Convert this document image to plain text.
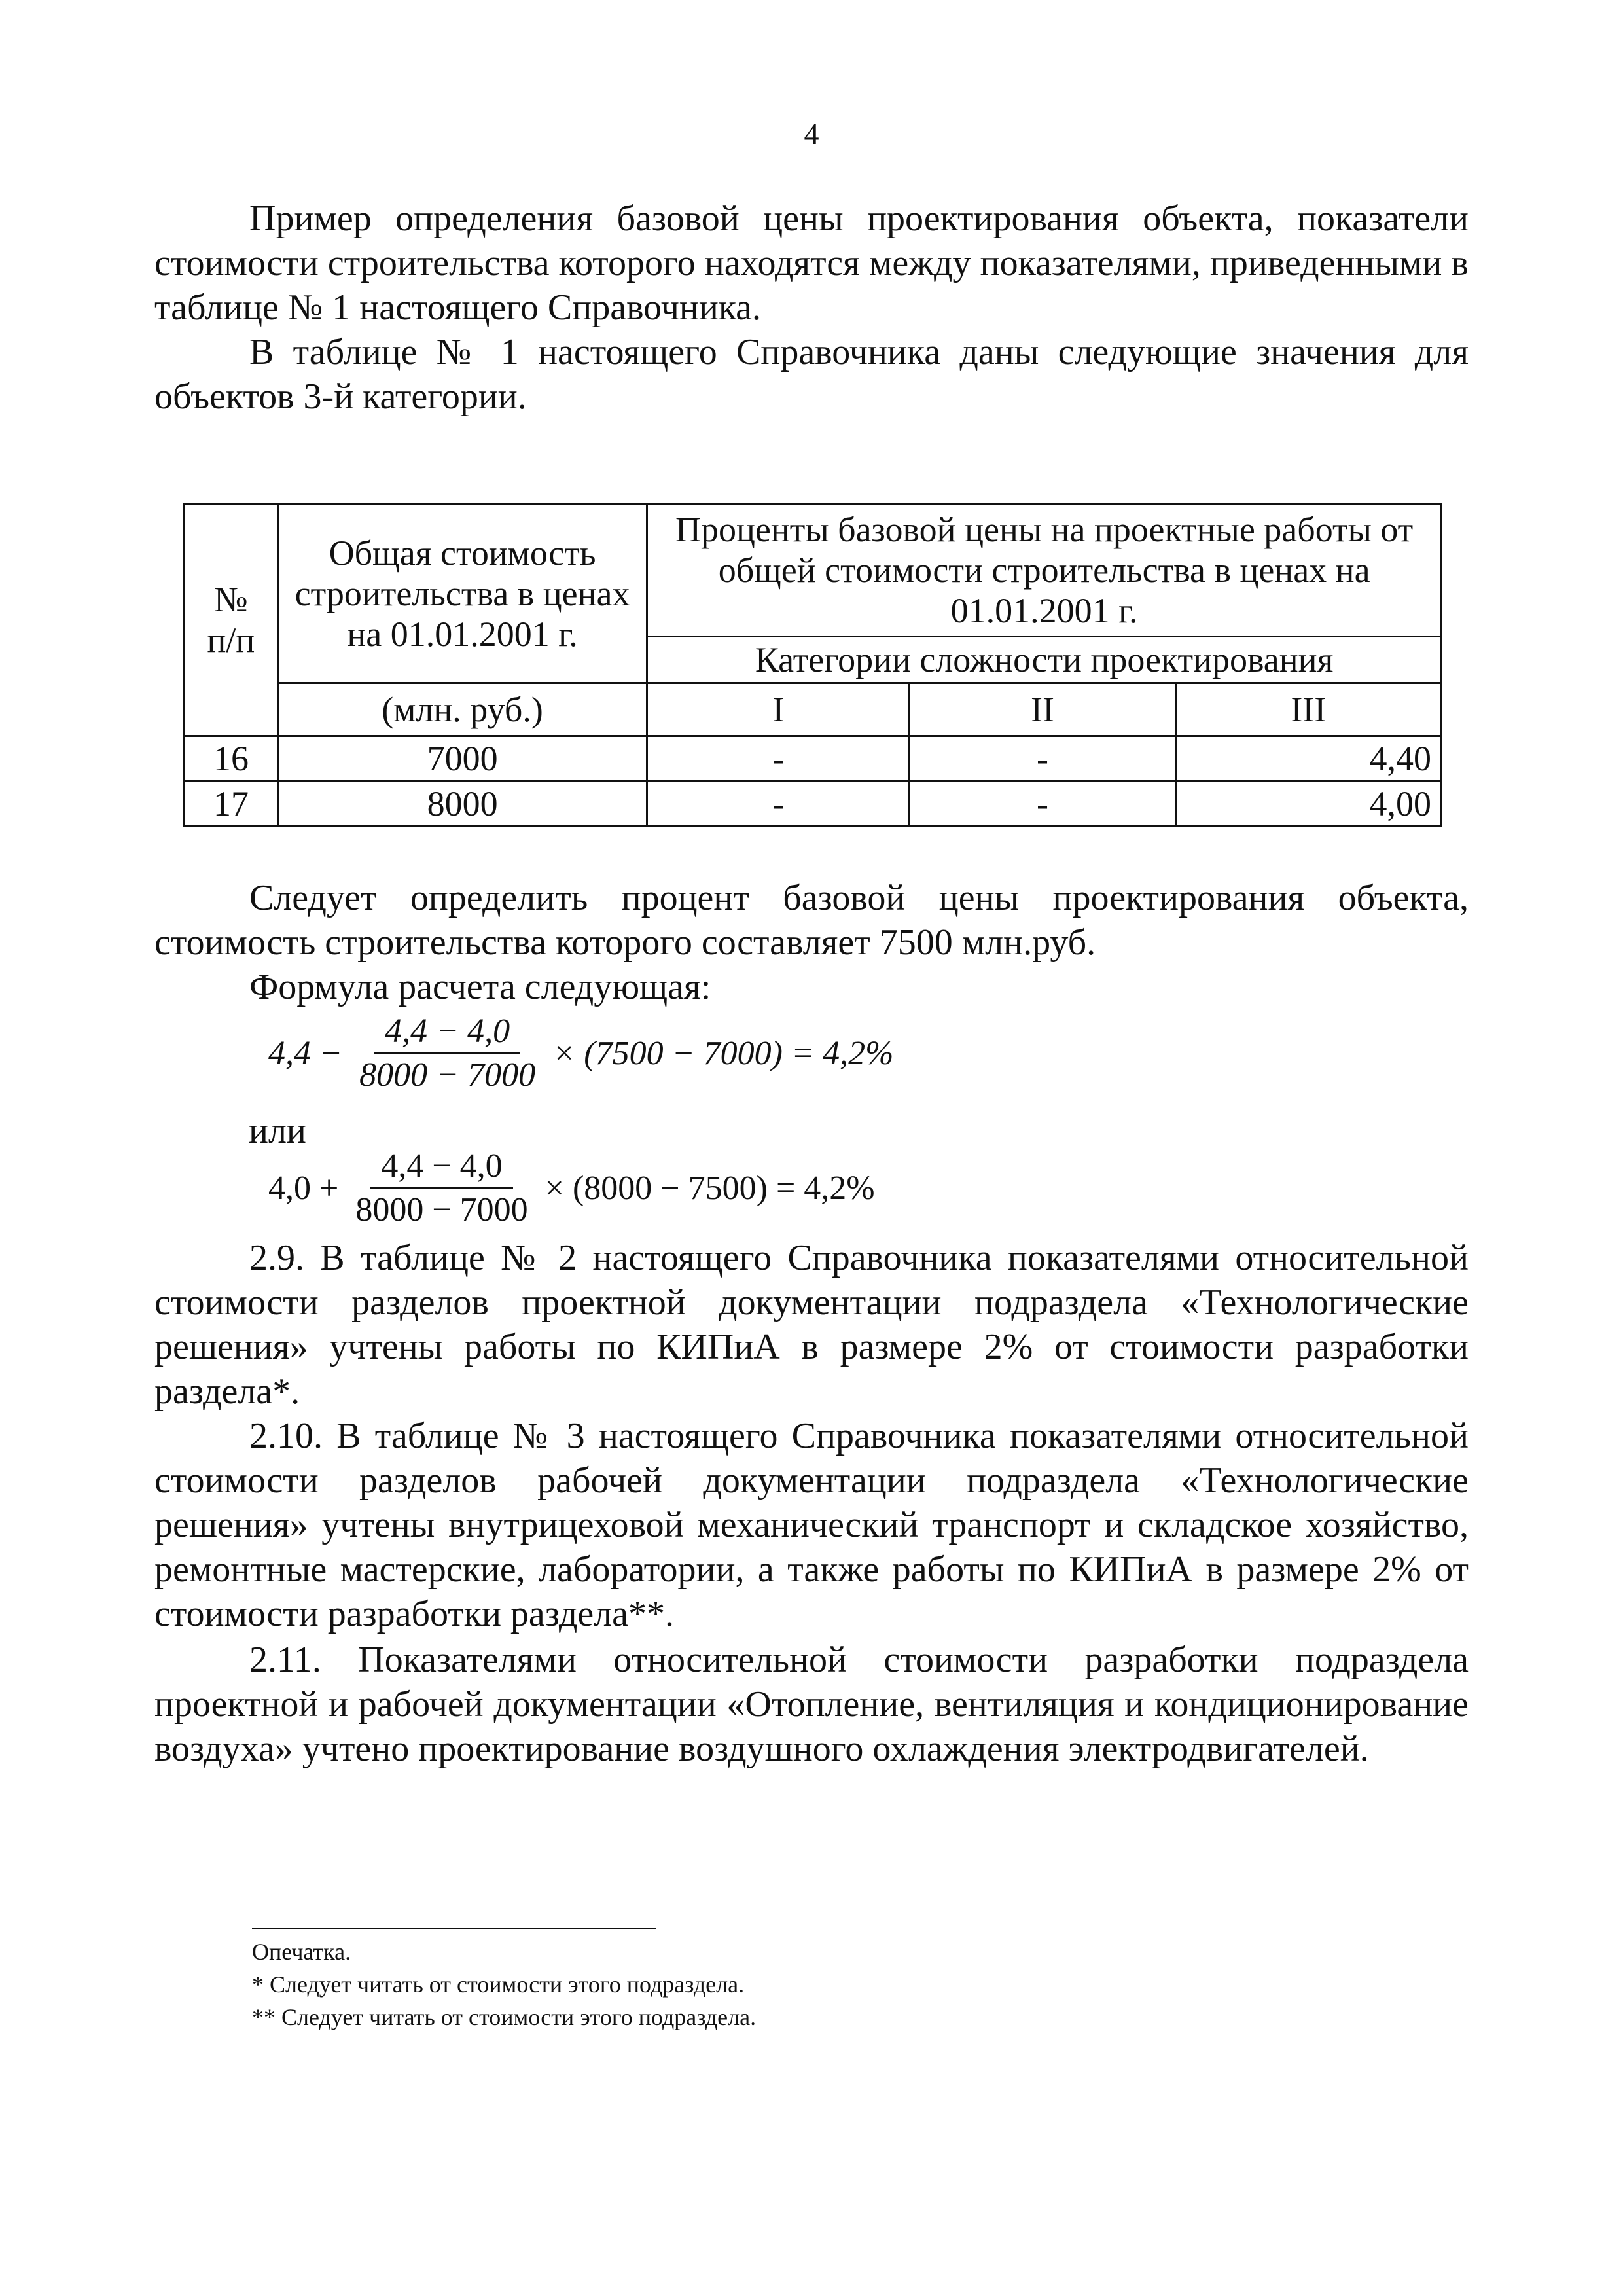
4

Пример определения базовой цены проектирования объекта, показатели стоимости строительства которого находятся между показателями, приведенными в таблице № 1 настоящего Справочника.

В таблице № 1 настоящего Справочника даны следующие значения для объектов 3-й категории.

№ п/п	Общая стоимость строительства в ценах на 01.01.2001 г.	Проценты базовой цены на проектные работы от общей стоимости строительства в ценах на 01.01.2001 г.		
		Категории сложности проектирования		
	(млн. руб.)	I	II	III
16	7000	-	-	4,40
17	8000	-	-	4,00

Следует определить процент базовой цены проектирования объекта, стоимость строительства которого составляет 7500 млн.руб.

Формула расчета следующая:

$4,4 - \frac{4,4 - 4,0}{8000 - 7000} \times (7500 - 7000) = 4,2\%$
или
$4,0 + \frac{4,4 - 4,0}{8000 - 7000} \times (8000 - 7500) = 4,2\%$

2.9. В таблице № 2 настоящего Справочника показателями относительной стоимости разделов проектной документации подраздела «Технологические решения» учтены работы по КИПиА в размере 2% от стоимости разработки раздела*.

2.10. В таблице № 3 настоящего Справочника показателями относительной стоимости разделов рабочей документации подраздела «Технологические решения» учтены внутрицеховой механический транспорт и складское хозяйство, ремонтные мастерские, лаборатории, а также работы по КИПиА в размере 2% от стоимости разработки раздела**.

2.11. Показателями относительной стоимости разработки подраздела проектной и рабочей документации «Отопление, вентиляция и кондиционирование воздуха» учтено проектирование воздушного охлаждения электродвигателей.

Опечатка.

* Следует читать от стоимости этого подраздела.

** Следует читать от стоимости этого подраздела.
